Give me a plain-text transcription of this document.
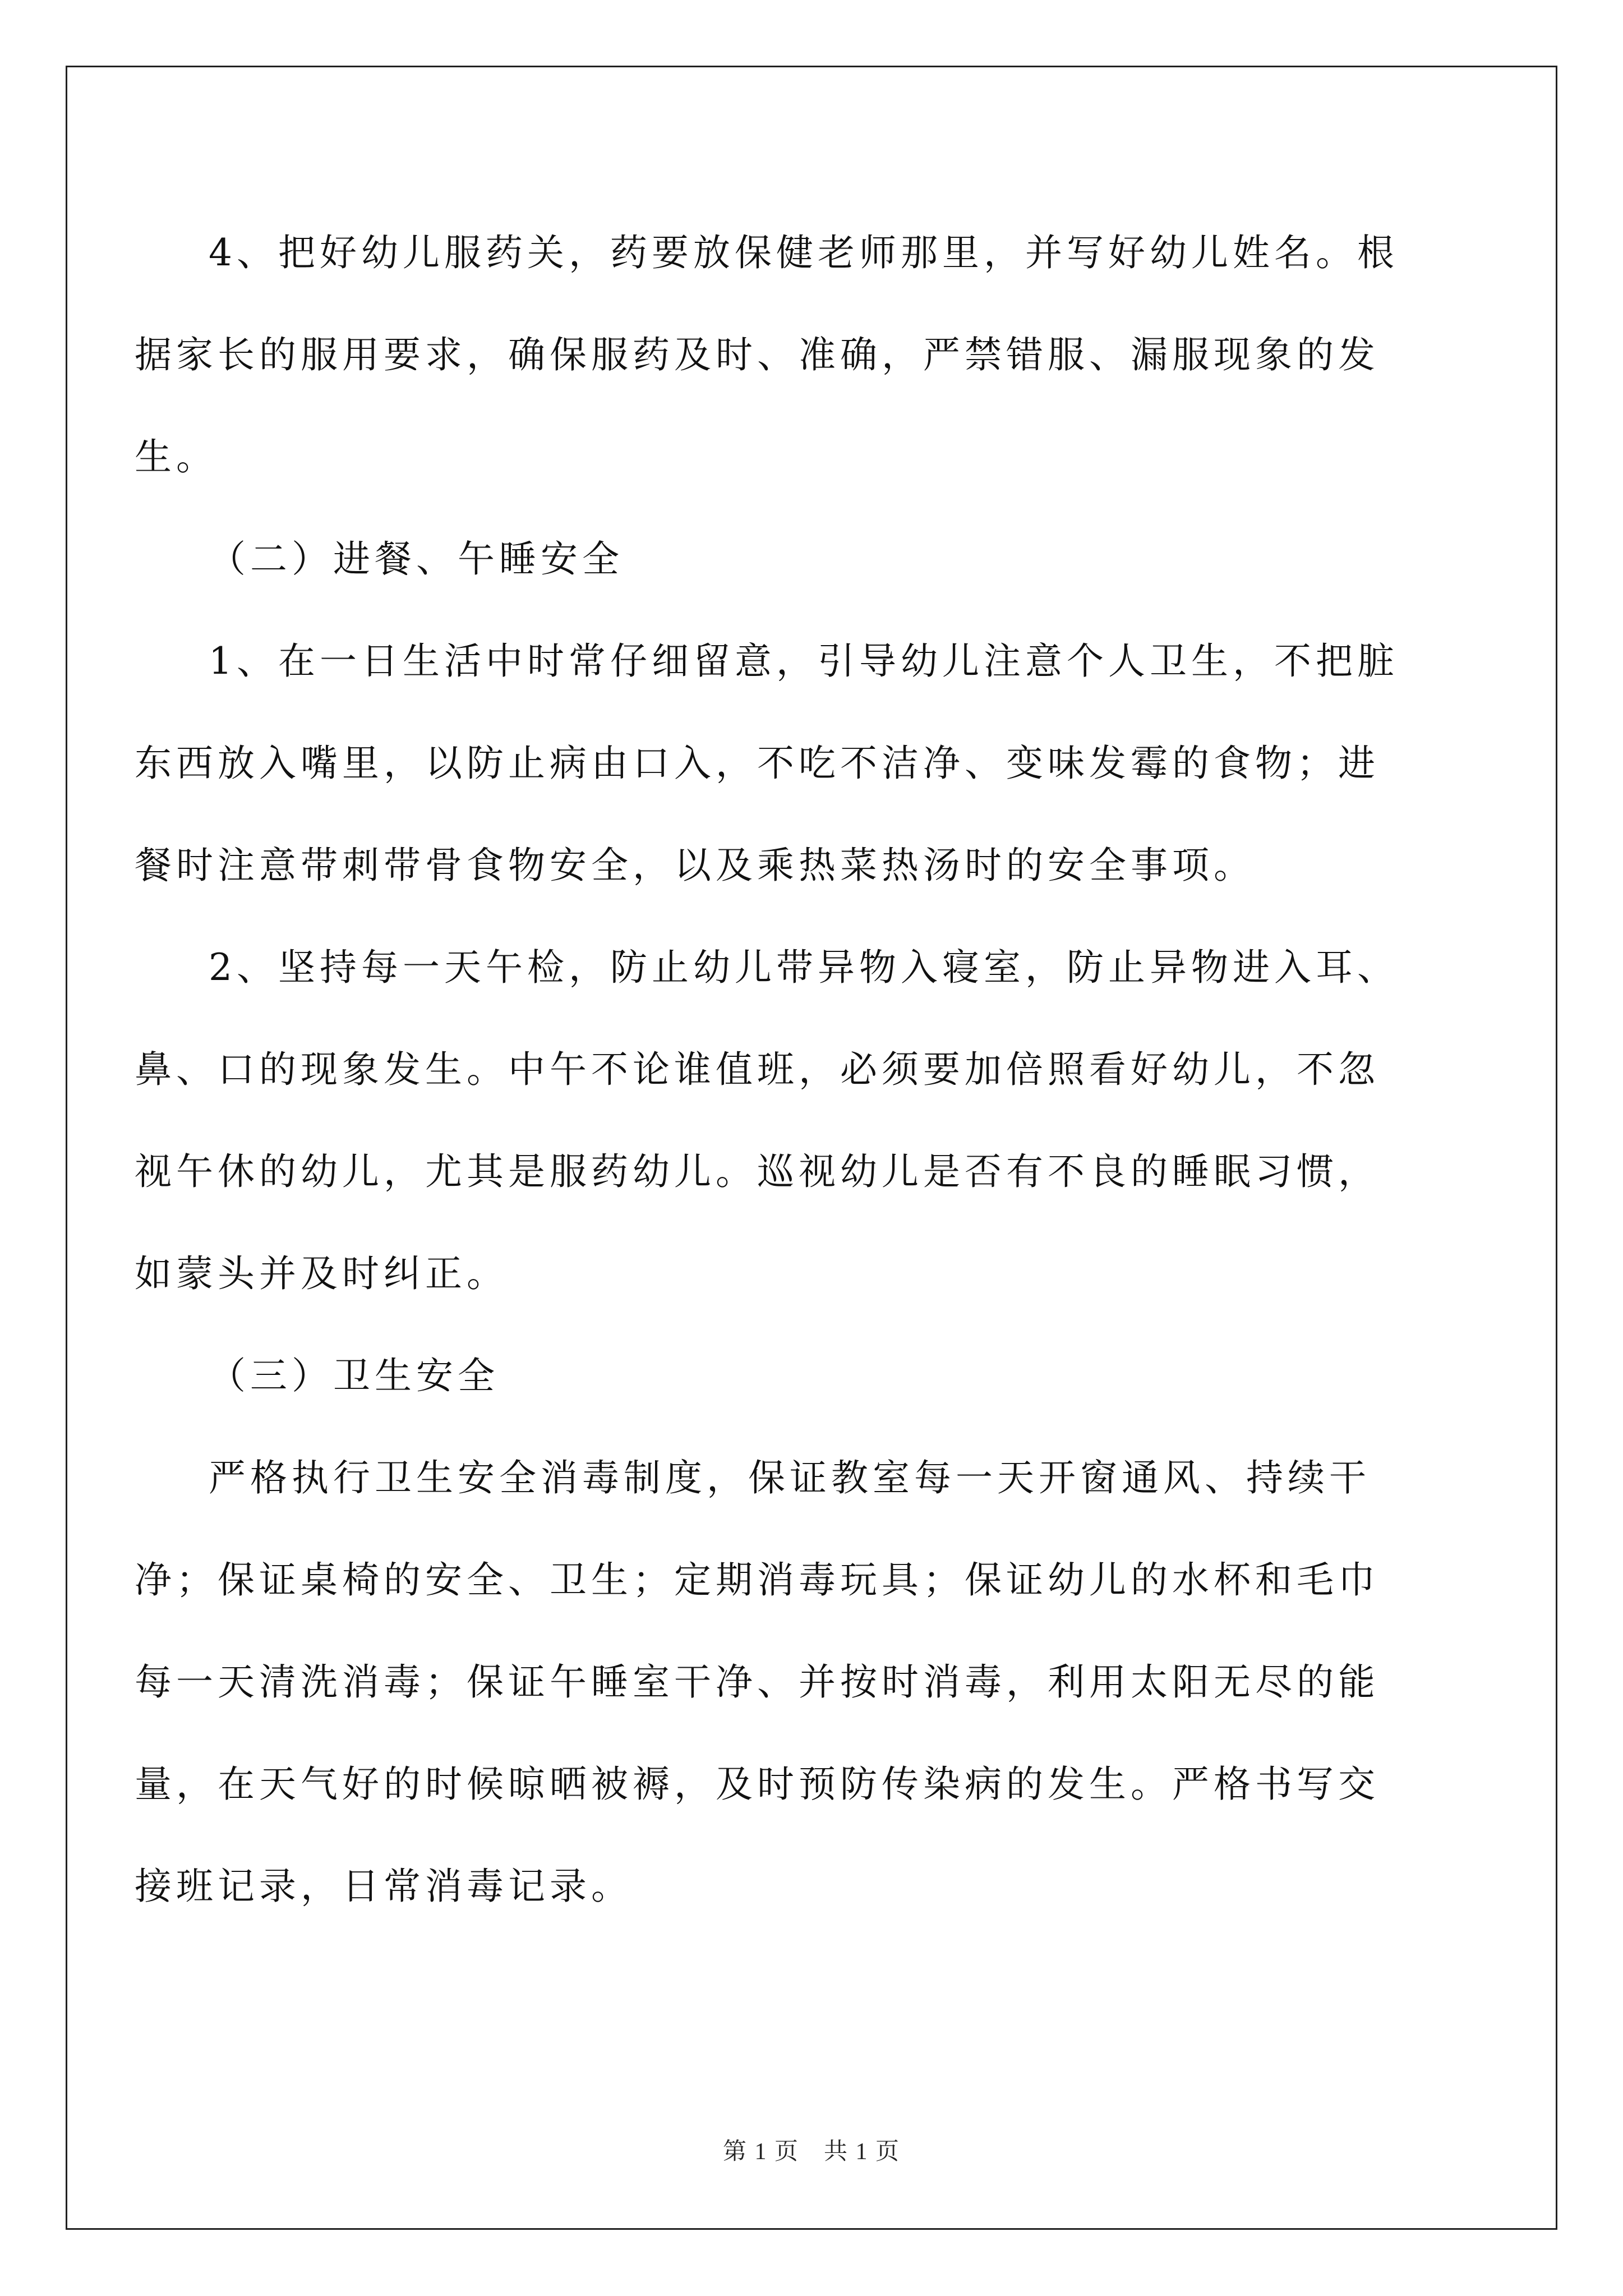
4、把好幼儿服药关，药要放保健老师那里，并写好幼儿姓名。根
据家长的服用要求，确保服药及时、准确，严禁错服、漏服现象的发
生。
（二）进餐、午睡安全
1、在一日生活中时常仔细留意，引导幼儿注意个人卫生，不把脏
东西放入嘴里，以防止病由口入，不吃不洁净、变味发霉的食物；进
餐时注意带刺带骨食物安全，以及乘热菜热汤时的安全事项。
2、坚持每一天午检，防止幼儿带异物入寝室，防止异物进入耳、
鼻、口的现象发生。中午不论谁值班，必须要加倍照看好幼儿，不忽
视午休的幼儿，尤其是服药幼儿。巡视幼儿是否有不良的睡眠习惯，
如蒙头并及时纠正。
（三）卫生安全
严格执行卫生安全消毒制度，保证教室每一天开窗通风、持续干
净；保证桌椅的安全、卫生；定期消毒玩具；保证幼儿的水杯和毛巾
每一天清洗消毒；保证午睡室干净、并按时消毒，利用太阳无尽的能
量，在天气好的时候晾晒被褥，及时预防传染病的发生。严格书写交
接班记录，日常消毒记录。
第 1 页　共 1 页
